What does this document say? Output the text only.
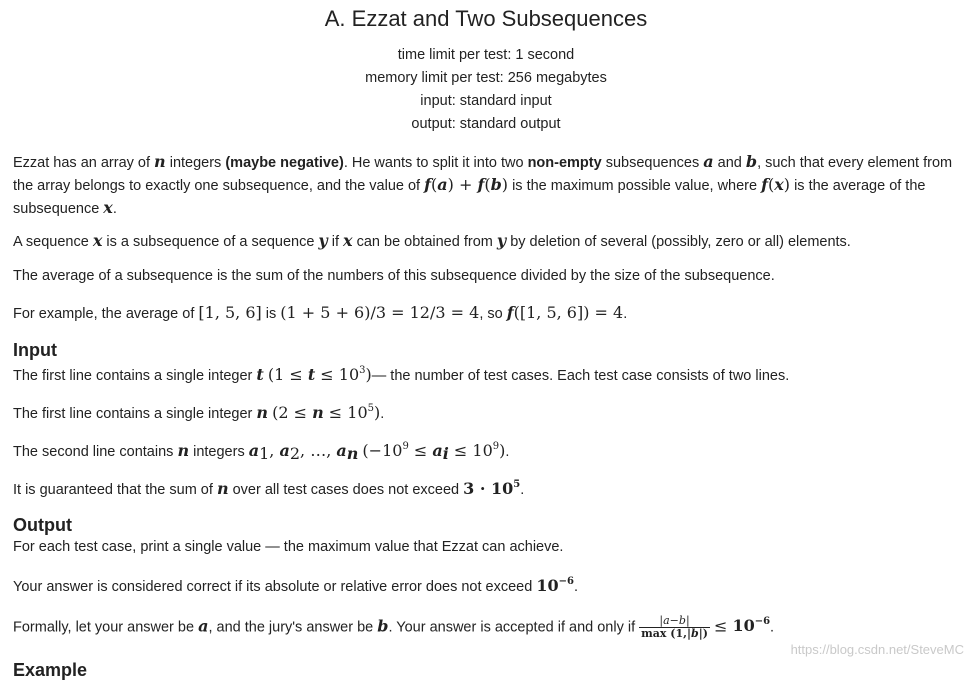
A. Ezzat and Two Subsequences
time limit per test: 1 second
memory limit per test: 256 megabytes
input: standard input
output: standard output
Ezzat has an array of n integers (maybe negative). He wants to split it into two non-empty subsequences a and b, such that every element from the array belongs to exactly one subsequence, and the value of f(a) + f(b) is the maximum possible value, where f(x) is the average of the subsequence x.
A sequence x is a subsequence of a sequence y if x can be obtained from y by deletion of several (possibly, zero or all) elements.
The average of a subsequence is the sum of the numbers of this subsequence divided by the size of the subsequence.
For example, the average of [1, 5, 6] is (1 + 5 + 6)/3 = 12/3 = 4, so f([1, 5, 6]) = 4.
Input
The first line contains a single integer t $(1 \le t \le 10^3)—$ the number of test cases. Each test case consists of two lines.
The first line contains a single integer n $(2 \le n \le 10^5)$.
The second line contains n integers $a_1$, $a_2$, …, $a_n$ $(-10^9 \le a_i \le 10^9)$.
It is guaranteed that the sum of n over all test cases does not exceed $3 \cdot 10^5$.
Output
For each test case, print a single value — the maximum value that Ezzat can achieve.
Your answer is considered correct if its absolute or relative error does not exceed $10^{-6}$.
Formally, let your answer be a, and the jury's answer be b. Your answer is accepted if and only if $\frac{|a-b|}{\max (1,|b|)} \le 10^{-6}$.
Example
https://blog.csdn.net/SteveMC
